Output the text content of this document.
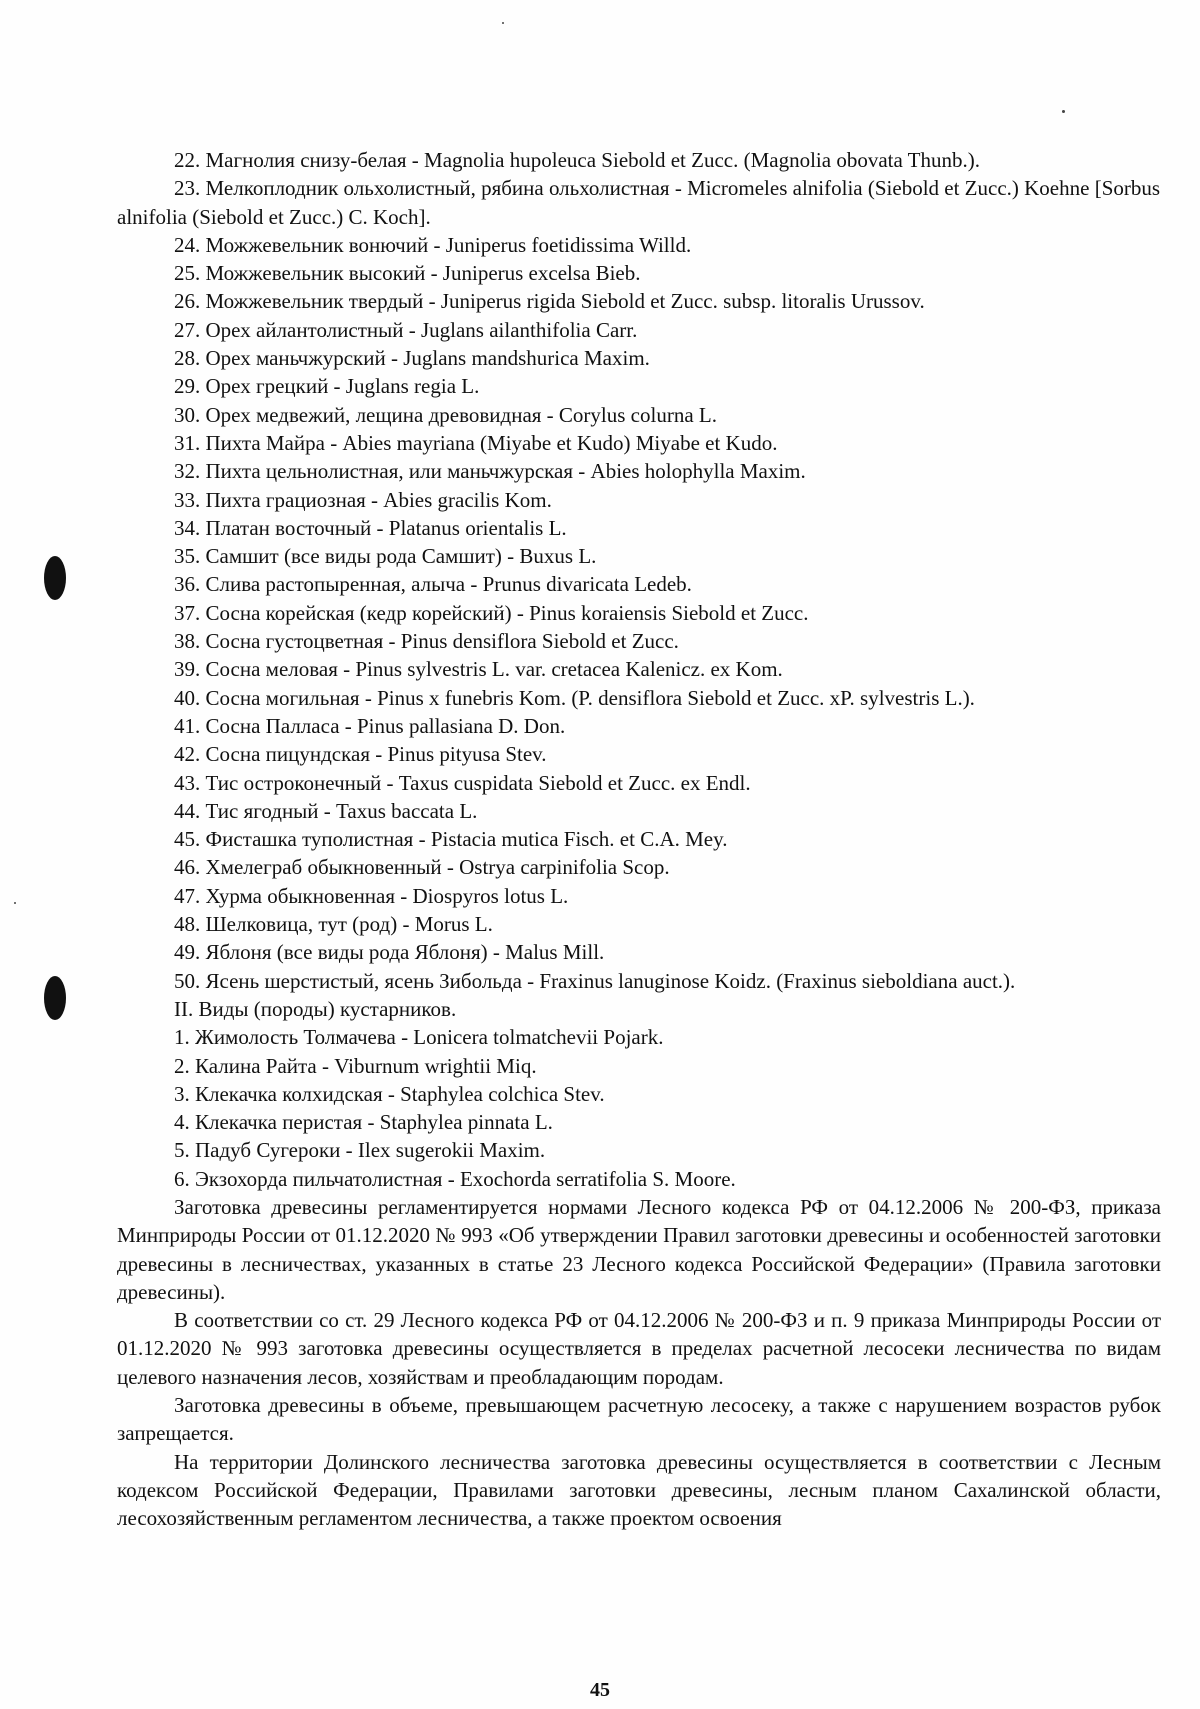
22. Магнолия снизу-белая - Magnolia hupoleuca Siebold et Zucc. (Magnolia obovata Thunb.).
23. Мелкоплодник ольхолистный, рябина ольхолистная - Micromeles alnifolia (Siebold et Zucc.) Koehne [Sorbus alnifolia (Siebold et Zucc.) C. Koch].
24. Можжевельник вонючий - Juniperus foetidissima Willd.
25. Можжевельник высокий - Juniperus excelsa Bieb.
26. Можжевельник твердый - Juniperus rigida Siebold et Zucc. subsp. litoralis Urussov.
27. Орех айлантолистный - Juglans ailanthifolia Carr.
28. Орех маньчжурский - Juglans mandshurica Maxim.
29. Орех грецкий - Juglans regia L.
30. Орех медвежий, лещина древовидная - Corylus colurna L.
31. Пихта Майра - Abies mayriana (Miyabe et Kudo) Miyabe et Kudo.
32. Пихта цельнолистная, или маньчжурская - Abies holophylla Maxim.
33. Пихта грациозная - Abies gracilis Kom.
34. Платан восточный - Platanus orientalis L.
35. Самшит (все виды рода Самшит) - Buxus L.
36. Слива растопыренная, алыча - Prunus divaricata Ledeb.
37. Сосна корейская (кедр корейский) - Pinus koraiensis Siebold et Zucc.
38. Сосна густоцветная - Pinus densiflora Siebold et Zucc.
39. Сосна меловая - Pinus sylvestris L. var. cretacea Kalenicz. ex Kom.
40. Сосна могильная - Pinus x funebris Kom. (P. densiflora Siebold et Zucc. xP. sylvestris L.).
41. Сосна Палласа - Pinus pallasiana D. Don.
42. Сосна пицундская - Pinus pityusa Stev.
43. Тис остроконечный - Taxus cuspidata Siebold et Zucc. ex Endl.
44. Тис ягодный - Taxus baccata L.
45. Фисташка туполистная - Pistacia mutica Fisch. et C.A. Mey.
46. Хмелеграб обыкновенный - Ostrya carpinifolia Scop.
47. Хурма обыкновенная - Diospyros lotus L.
48. Шелковица, тут (род) - Morus L.
49. Яблоня (все виды рода Яблоня) - Malus Mill.
50. Ясень шерстистый, ясень Зибольда - Fraxinus lanuginose Koidz. (Fraxinus sieboldiana auct.).
II. Виды (породы) кустарников.
1. Жимолость Толмачева - Lonicera tolmatchevii Pojark.
2. Калина Райта - Viburnum wrightii Miq.
3. Клекачка колхидская - Staphylea colchica Stev.
4. Клекачка перистая - Staphylea pinnata L.
5. Падуб Сугероки - Ilex sugerokii Maxim.
6. Экзохорда пильчатолистная - Exochorda serratifolia S. Moore.
Заготовка древесины регламентируется нормами Лесного кодекса РФ от 04.12.2006 № 200-ФЗ, приказа Минприроды России от 01.12.2020 № 993 «Об утверждении Правил заготовки древесины и особенностей заготовки древесины в лесничествах, указанных в статье 23 Лесного кодекса Российской Федерации» (Правила заготовки древесины).
В соответствии со ст. 29 Лесного кодекса РФ от 04.12.2006 № 200-ФЗ и п. 9 приказа Минприроды России от 01.12.2020 № 993 заготовка древесины осуществляется в пределах расчетной лесосеки лесничества по видам целевого назначения лесов, хозяйствам и преобладающим породам.
Заготовка древесины в объеме, превышающем расчетную лесосеку, а также с нарушением возрастов рубок запрещается.
На территории Долинского лесничества заготовка древесины осуществляется в соответствии с Лесным кодексом Российской Федерации, Правилами заготовки древесины, лесным планом Сахалинской области, лесохозяйственным регламентом лесничества, а также проектом освоения
45
